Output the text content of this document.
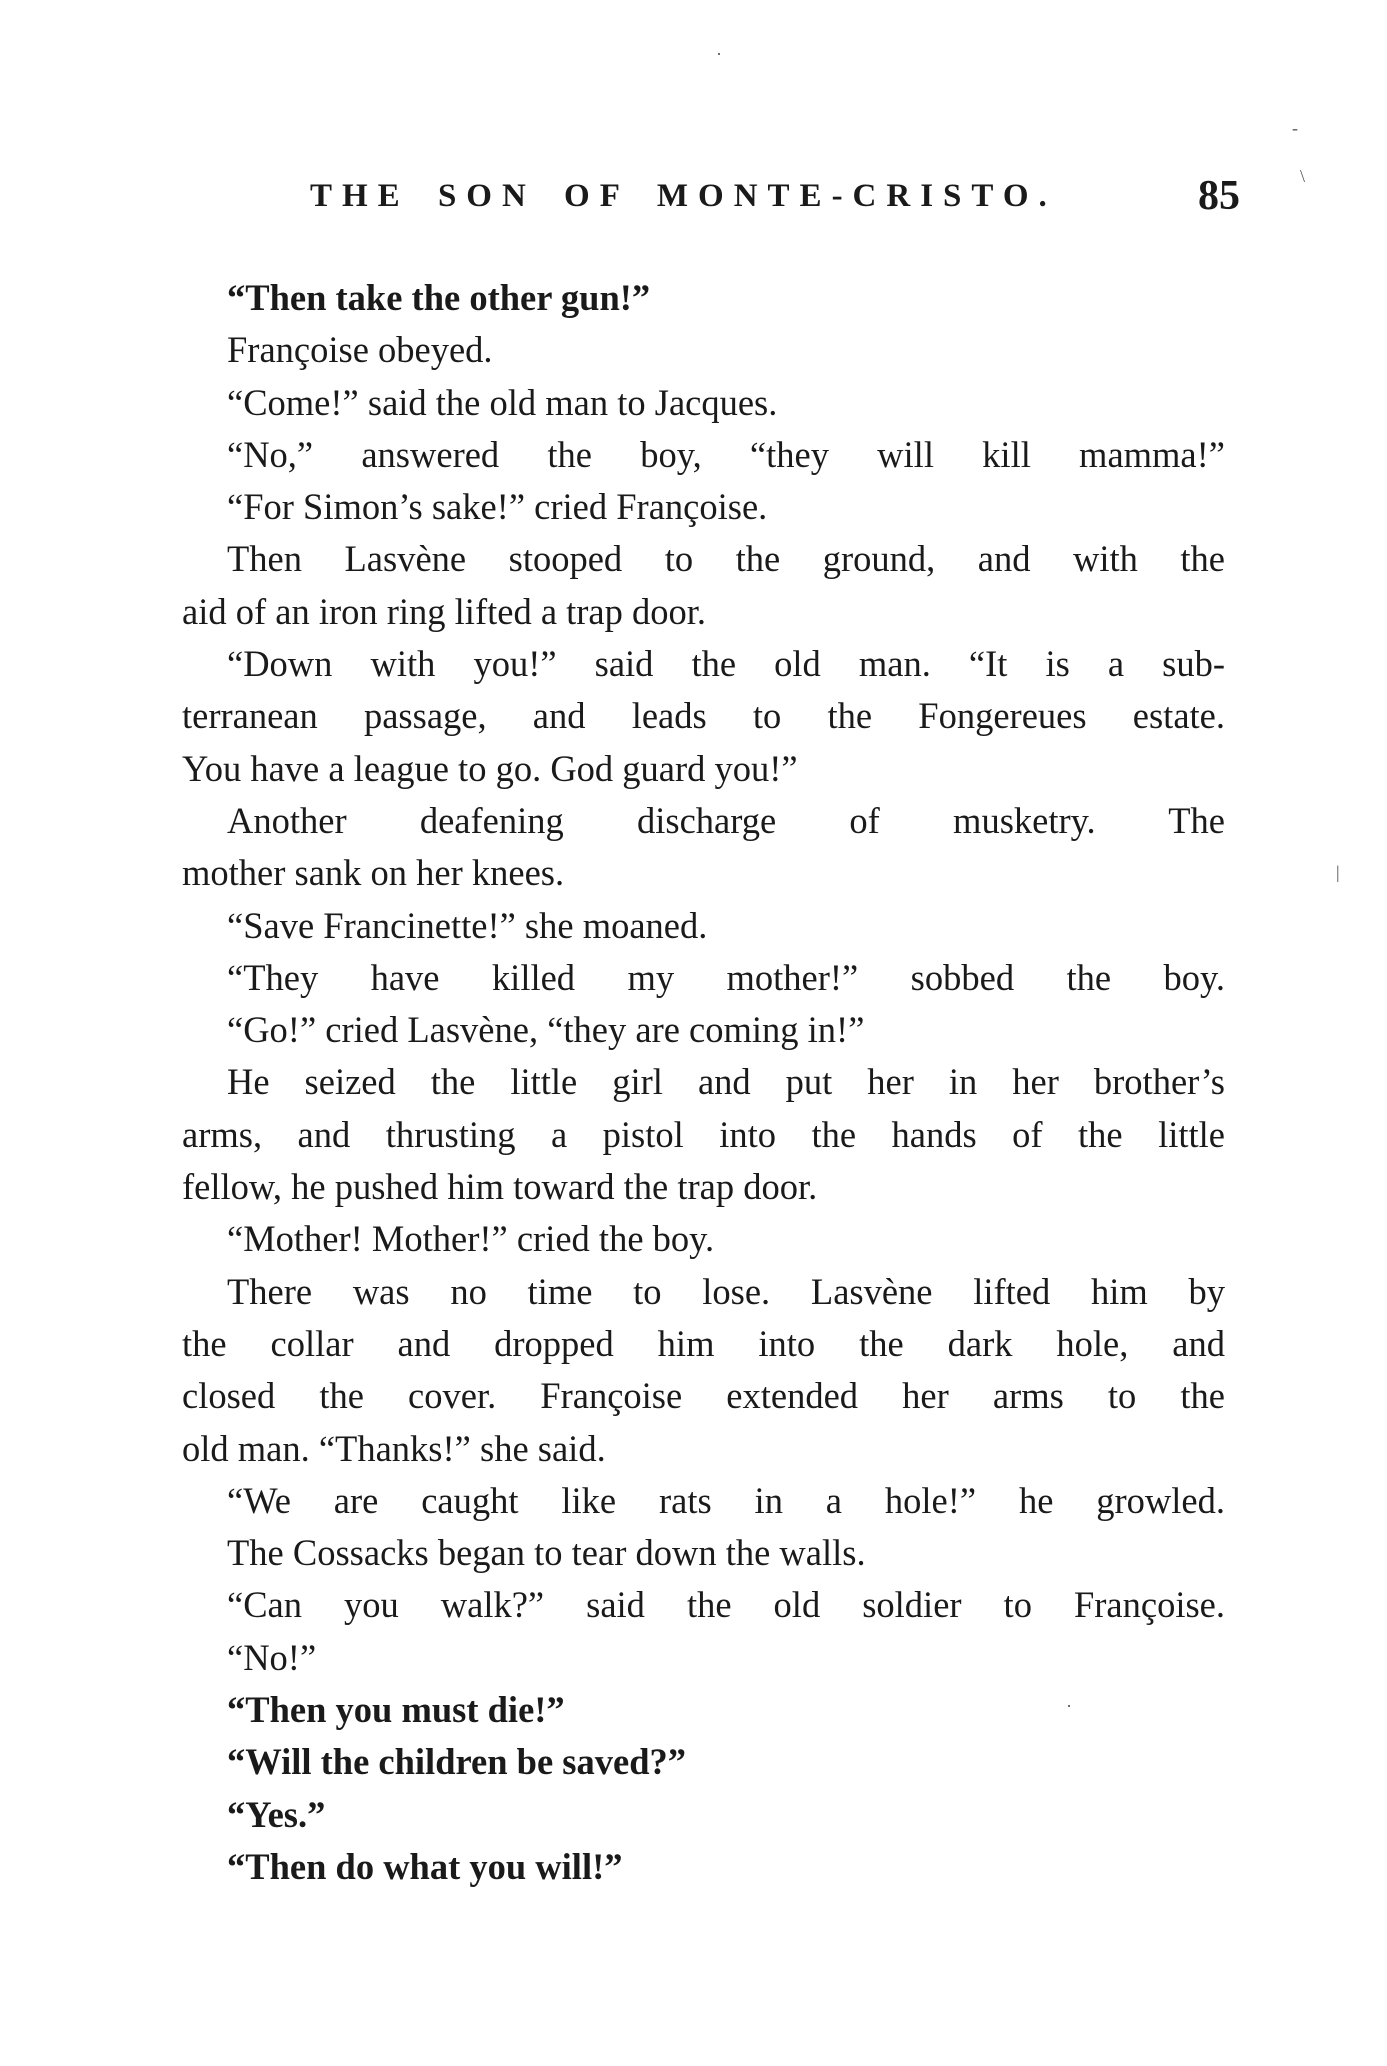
·
-
\
|
·
THE SON OF MONTE-CRISTO.	85
“Then take the other gun!”
Françoise obeyed.
“Come!” said the old man to Jacques.
“No,” answered the boy, “they will kill mamma!”
“For Simon’s sake!” cried Françoise.
Then Lasvène stooped to the ground, and with the
aid of an iron ring lifted a trap door.
“Down with you!” said the old man. “It is a sub-
terranean passage, and leads to the Fongereues estate.
You have a league to go. God guard you!”
Another deafening discharge of musketry. The
mother sank on her knees.
“Save Francinette!” she moaned.
“They have killed my mother!” sobbed the boy.
“Go!” cried Lasvène, “they are coming in!”
He seized the little girl and put her in her brother’s
arms, and thrusting a pistol into the hands of the little
fellow, he pushed him toward the trap door.
“Mother! Mother!” cried the boy.
There was no time to lose. Lasvène lifted him by
the collar and dropped him into the dark hole, and
closed the cover. Françoise extended her arms to the
old man. “Thanks!” she said.
“We are caught like rats in a hole!” he growled.
The Cossacks began to tear down the walls.
“Can you walk?” said the old soldier to Françoise.
“No!”
“Then you must die!”
“Will the children be saved?”
“Yes.”
“Then do what you will!”
